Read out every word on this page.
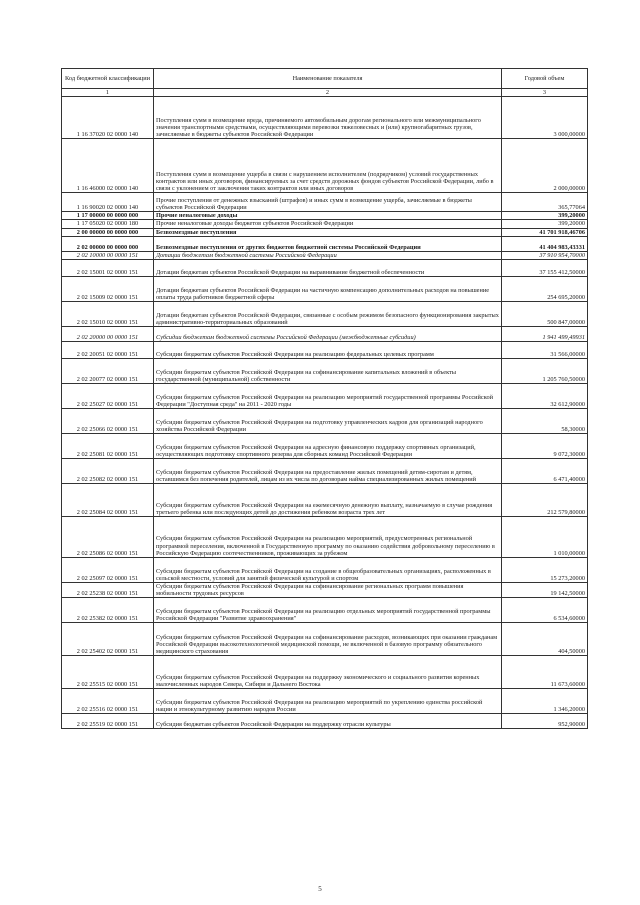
Код бюджетной классификации	Наименование показателя	Годовой объем
1	2	3
1 16 37020 02 0000 140	Поступления сумм в возмещение вреда, причиняемого автомобильным дорогам регионального или межмуниципального значения транспортными средствами, осуществляющими перевозки тяжеловесных и (или) крупногабаритных грузов, зачисляемые в бюджеты субъектов Российской Федерации	3 000,00000
1 16 46000 02 0000 140	Поступления сумм в возмещение ущерба в связи с нарушением исполнителем (подрядчиком) условий государственных контрактов или иных договоров, финансируемых за счет средств дорожных фондов субъектов Российской Федерации, либо в связи с уклонением от заключения таких контрактов или иных договоров	2 000,00000
1 16 90020 02 0000 140	Прочие поступления от денежных взысканий (штрафов) и иных сумм в возмещение ущерба, зачисляемые в бюджеты субъектов Российской Федерации	365,77064
1 17 00000 00 0000 000	Прочие неналоговые доходы	399,20000
1 17 05020 02 0000 180	Прочие неналоговые доходы бюджетов субъектов Российской Федерации	399,20000
2 00 00000 00 0000 000	Безвозмездные поступления	41 701 918,46706
2 02 00000 00 0000 000	Безвозмездные поступления от других бюджетов бюджетной системы Российской Федерации	41 404 983,43331
2 02 10000 00 0000 151	Дотации бюджетам бюджетной системы Российской Федерации	37 910 954,70000
2 02 15001 02 0000 151	Дотации бюджетам субъектов Российской Федерации на выравнивание бюджетной обеспеченности	37 155 412,50000
2 02 15009 02 0000 151	Дотации бюджетам субъектов Российской Федерации на частичную компенсацию дополнительных расходов на повышение оплаты труда работников бюджетной сферы	254 695,20000
2 02 15010 02 0000 151	Дотации бюджетам субъектов Российской Федерации, связанные с особым режимом безопасного функционирования закрытых административно-территориальных образований	500 847,00000
2 02 20000 00 0000 151	Субсидии бюджетам бюджетной системы Российской Федерации (межбюджетные субсидии)	1 941 499,49931
2 02 20051 02 0000 151	Субсидии бюджетам субъектов Российской Федерации на реализацию федеральных целевых программ	31 566,00000
2 02 20077 02 0000 151	Субсидии бюджетам субъектов Российской Федерации на софинансирование капитальных вложений в объекты государственной (муниципальной) собственности	1 205 760,50000
2 02 25027 02 0000 151	Субсидии бюджетам субъектов Российской Федерации на реализацию мероприятий государственной программы Российской Федерации "Доступная среда" на 2011 - 2020 годы	32 612,90000
2 02 25066 02 0000 151	Субсидии бюджетам субъектов Российской Федерации на подготовку управленческих кадров для организаций народного хозяйства Российской Федерации	58,30000
2 02 25081 02 0000 151	Субсидии бюджетам субъектов Российской Федерации на адресную финансовую поддержку спортивных организаций, осуществляющих подготовку спортивного резерва для сборных команд Российской Федерации	9 072,30000
2 02 25082 02 0000 151	Субсидии бюджетам субъектов Российской Федерации на предоставление жилых помещений детям-сиротам и детям, оставшимся без попечения родителей, лицам из их числа по договорам найма специализированных жилых помещений	6 471,40000
2 02 25084 02 0000 151	Субсидии бюджетам субъектов Российской Федерации на ежемесячную денежную выплату, назначаемую в случае рождения третьего ребенка или последующих детей до достижения ребенком возраста трех лет	212 579,80000
2 02 25086 02 0000 151	Субсидии бюджетам субъектов Российской Федерации на реализацию мероприятий, предусмотренных региональной программой переселения, включенной в Государственную программу по оказанию содействия добровольному переселению в Российскую Федерацию соотечественников, проживающих за рубежом	1 010,00000
2 02 25097 02 0000 151	Субсидии бюджетам субъектов Российской Федерации на создание в общеобразовательных организациях, расположенных в сельской местности, условий для занятий физической культурой и спортом	15 273,20000
2 02 25238 02 0000 151	Субсидии бюджетам субъектов Российской Федерации на софинансирование региональных программ повышения мобильности трудовых ресурсов	19 142,50000
2 02 25382 02 0000 151	Субсидии бюджетам субъектов Российской Федерации на реализацию отдельных мероприятий государственной программы Российской Федерации "Развитие здравоохранения"	6 534,60000
2 02 25402 02 0000 151	Субсидии бюджетам субъектов Российской Федерации на софинансирование расходов, возникающих при оказании гражданам Российской Федерации высокотехнологичной медицинской помощи, не включенной в базовую программу обязательного медицинского страхования	404,50000
2 02 25515 02 0000 151	Субсидии бюджетам субъектов Российской Федерации на поддержку экономического и социального развития коренных малочисленных народов Севера, Сибири и Дальнего Востока	11 673,60000
2 02 25516 02 0000 151	Субсидии бюджетам субъектов Российской Федерации на реализацию мероприятий по укреплению единства российской нации и этнокультурному развитию народов России	1 346,20000
2 02 25519 02 0000 151	Субсидия бюджетам субъектов Российской Федерации на поддержку отрасли культуры	952,90000
5
